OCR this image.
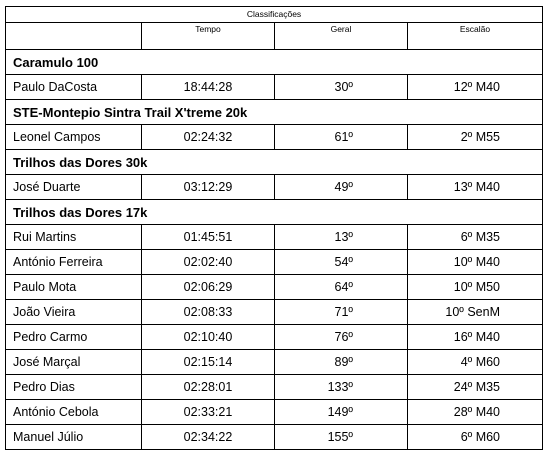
Classificações			
	Tempo	Geral	Escalão
Caramulo 100			
Paulo DaCosta	18:44:28	30º	12º M40
STE-Montepio Sintra Trail X'treme 20k			
Leonel Campos	02:24:32	61º	2º M55
Trilhos das Dores 30k			
José Duarte	03:12:29	49º	13º M40
Trilhos das Dores 17k			
Rui Martins	01:45:51	13º	6º M35
António Ferreira	02:02:40	54º	10º M40
Paulo Mota	02:06:29	64º	10º M50
João Vieira	02:08:33	71º	10º SenM
Pedro Carmo	02:10:40	76º	16º M40
José Marçal	02:15:14	89º	4º M60
Pedro Dias	02:28:01	133º	24º M35
António Cebola	02:33:21	149º	28º M40
Manuel Júlio	02:34:22	155º	6º M60
